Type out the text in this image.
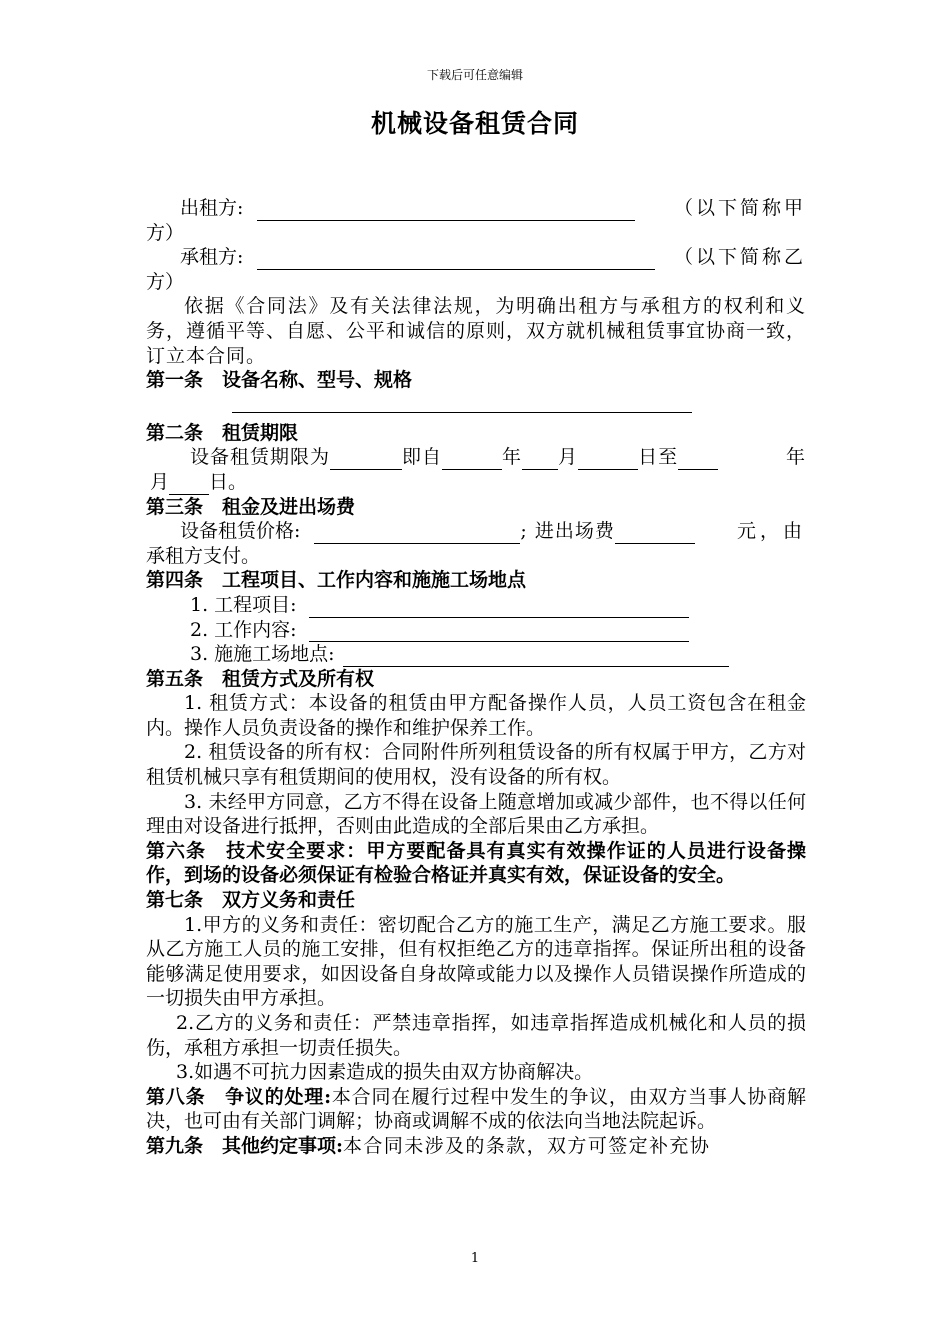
下载后可任意编辑
机械设备租赁合同
出租方:	（以下简称甲

方）

承租方:	（以下简称乙

方）

依据《合同法》及有关法律法规，为明确出租方与承租方的权利和义务，遵循平等、自愿、公平和诚信的原则，双方就机械租赁事宜协商一致，订立本合同。

第一条　设备名称、型号、规格

第二条　租赁期限

设备租赁期限为	即自	年 月	日至	年
月 日。

第三条　租金及进出场费

设备租赁价格:	; 进出场费	元，由

承租方支付。

第四条　工程项目、工作内容和施施工场地点

1. 工程项目:
2. 工作内容:
3. 施施工场地点:

第五条　租赁方式及所有权

1. 租赁方式：本设备的租赁由甲方配备操作人员，人员工资包含在租金内。操作人员负责设备的操作和维护保养工作。

2. 租赁设备的所有权：合同附件所列租赁设备的所有权属于甲方，乙方对租赁机械只享有租赁期间的使用权，没有设备的所有权。

3. 未经甲方同意，乙方不得在设备上随意增加或减少部件，也不得以任何理由对设备进行抵押，否则由此造成的全部后果由乙方承担。

第六条　技术安全要求：甲方要配备具有真实有效操作证的人员进行设备操作，到场的设备必须保证有检验合格证并真实有效，保证设备的安全。

第七条　双方义务和责任

1.甲方的义务和责任：密切配合乙方的施工生产，满足乙方施工要求。服从乙方施工人员的施工安排，但有权拒绝乙方的违章指挥。保证所出租的设备能够满足使用要求，如因设备自身故障或能力以及操作人员错误操作所造成的一切损失由甲方承担。

2.乙方的义务和责任：严禁违章指挥，如违章指挥造成机械化和人员的损伤，承租方承担一切责任损失。

3.如遇不可抗力因素造成的损失由双方协商解决。

第八条　争议的处理:本合同在履行过程中发生的争议，由双方当事人协商解决，也可由有关部门调解；协商或调解不成的依法向当地法院起诉。

第九条　其他约定事项:本合同未涉及的条款，双方可签定补充协

1
